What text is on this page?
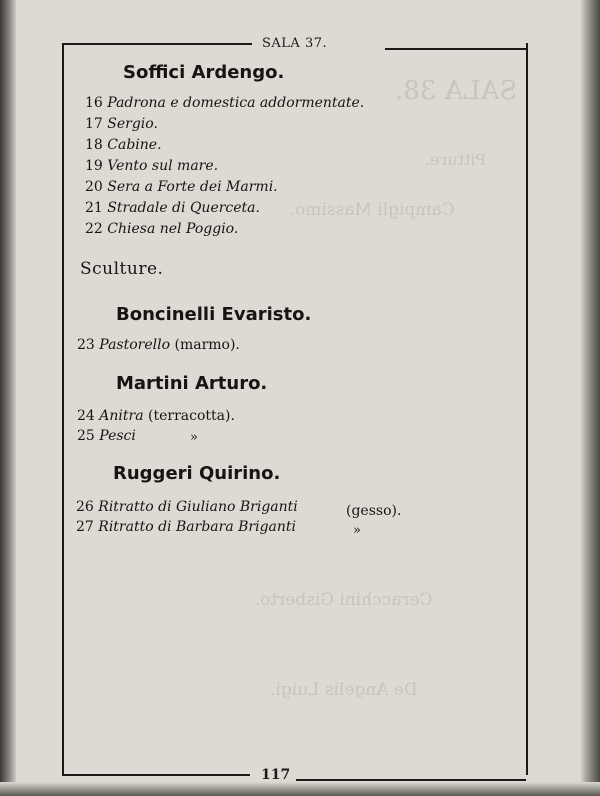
SALA 38.
Pitture.
Campigli Massimo.
Ceracchini Gisberto.
De Angelis Luigi.
SALA 37.
117
Soffici Ardengo.
16 Padrona e domestica addormentate.
17 Sergio.
18 Cabine.
19 Vento sul mare.
20 Sera a Forte dei Marmi.
21 Stradale di Querceta.
22 Chiesa nel Poggio.
Sculture.
Boncinelli Evaristo.
23 Pastorello (marmo).
Martini Arturo.
24 Anitra (terracotta).
25 Pesci	»
Ruggeri Quirino.
26 Ritratto di Giuliano Briganti	(gesso).
27 Ritratto di Barbara Briganti	»
